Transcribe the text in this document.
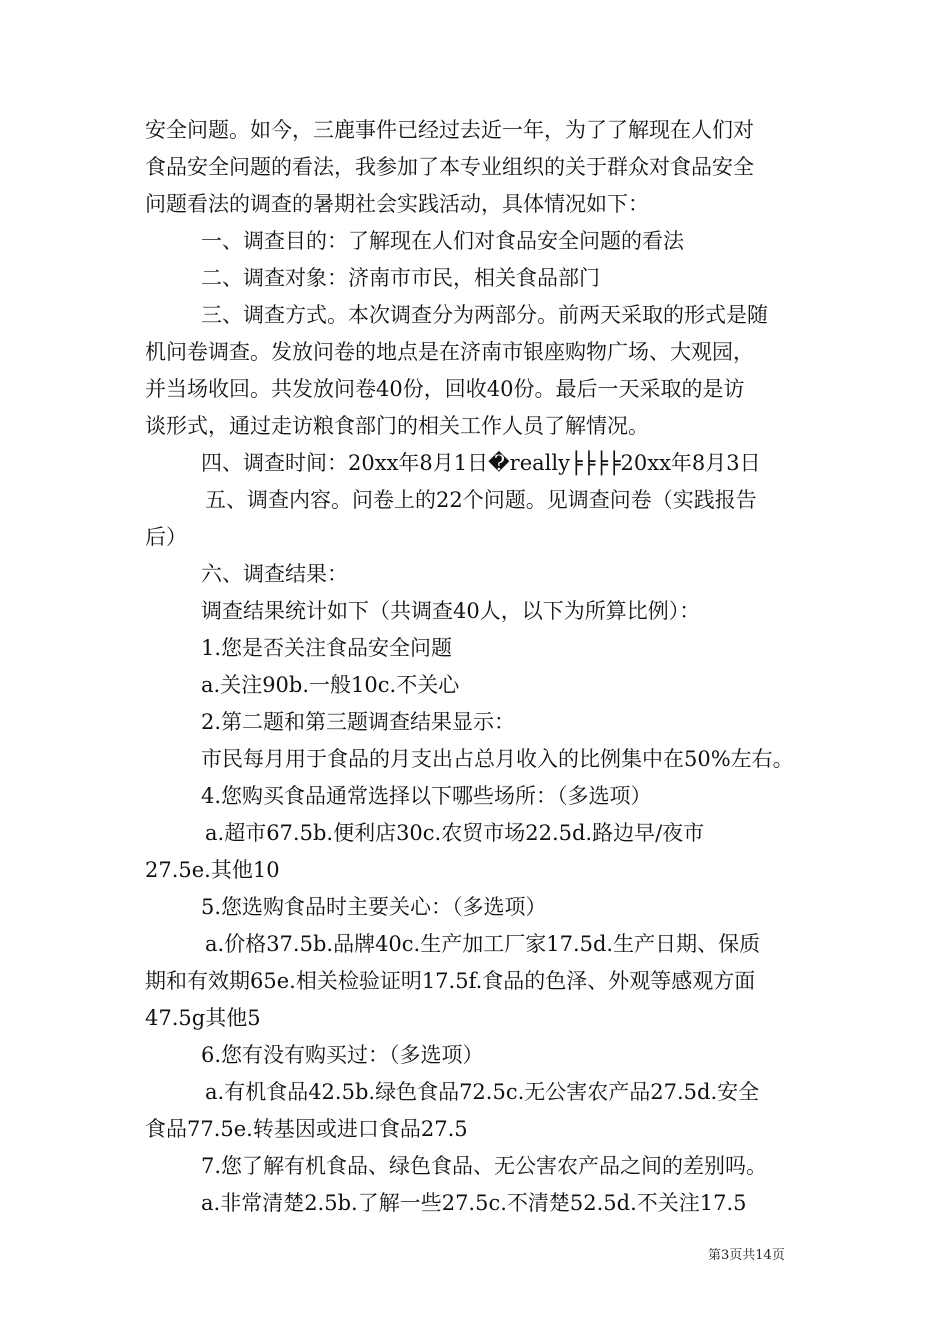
安全问题。如今，三鹿事件已经过去近一年，为了了解现在人们对
食品安全问题的看法，我参加了本专业组织的关于群众对食品安全
问题看法的调查的暑期社会实践活动，具体情况如下：
一、调查目的：了解现在人们对食品安全问题的看法
二、调查对象：济南市市民，相关食品部门
三、调查方式。本次调查分为两部分。前两天采取的形式是随
机问卷调查。发放问卷的地点是在济南市银座购物广场、大观园，
并当场收回。共发放问卷40份，回收40份。最后一天采取的是访
谈形式，通过走访粮食部门的相关工作人员了解情况。
四、调查时间：20xx年8月1日�really╞╞╞╞20xx年8月3日
五、调查内容。问卷上的22个问题。见调查问卷（实践报告
后）
六、调查结果：
调查结果统计如下（共调查40人，以下为所算比例）：
1.您是否关注食品安全问题
a.关注90b.一般10c.不关心
2.第二题和第三题调查结果显示：
市民每月用于食品的月支出占总月收入的比例集中在50%左右。
4.您购买食品通常选择以下哪些场所：（多选项）
a.超市67.5b.便利店30c.农贸市场22.5d.路边早/夜市
27.5e.其他10
5.您选购食品时主要关心：（多选项）
a.价格37.5b.品牌40c.生产加工厂家17.5d.生产日期、保质
期和有效期65e.相关检验证明17.5f.食品的色泽、外观等感观方面
47.5g其他5
6.您有没有购买过：（多选项）
a.有机食品42.5b.绿色食品72.5c.无公害农产品27.5d.安全
食品77.5e.转基因或进口食品27.5
7.您了解有机食品、绿色食品、无公害农产品之间的差别吗。
a.非常清楚2.5b.了解一些27.5c.不清楚52.5d.不关注17.5
第3页共14页
